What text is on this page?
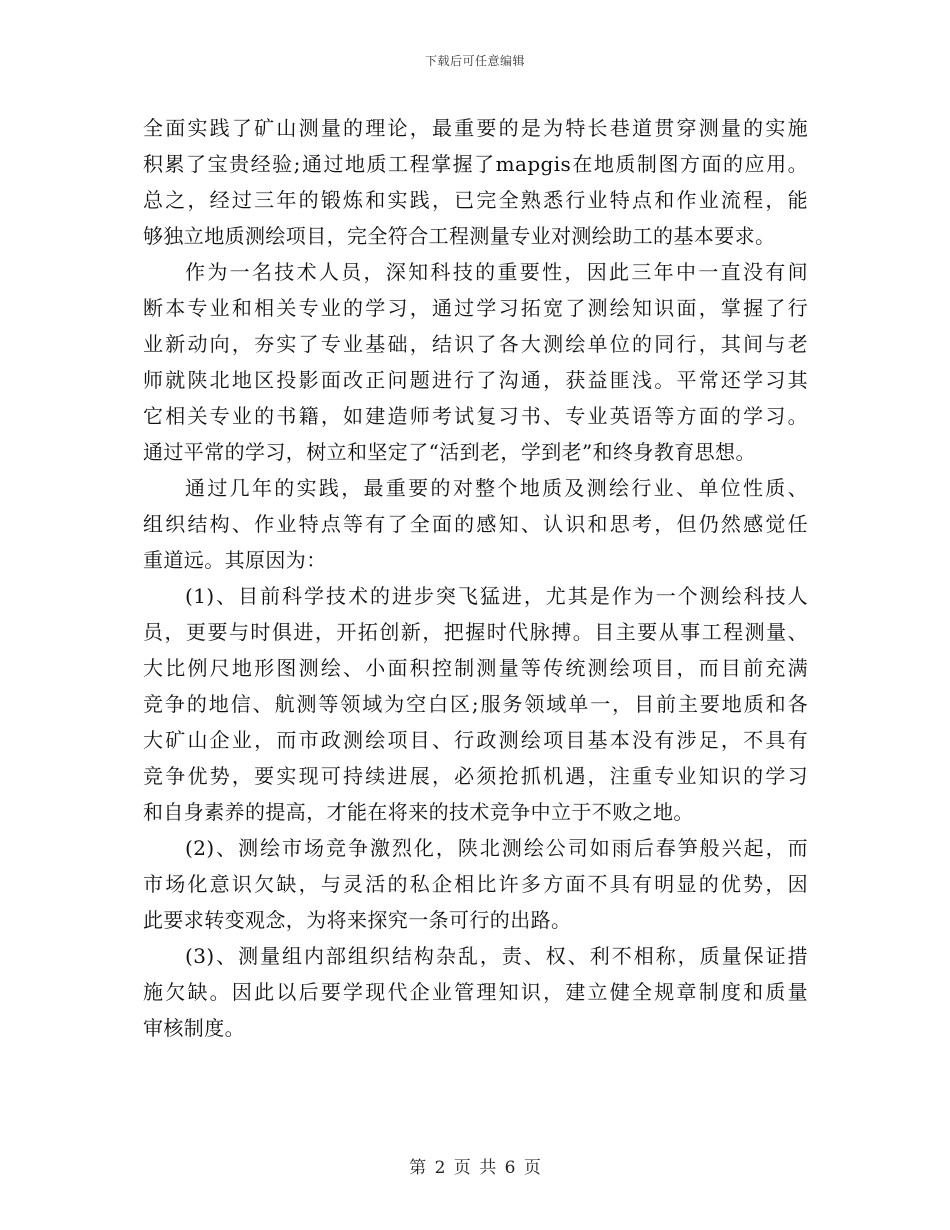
下载后可任意编辑
全面实践了矿山测量的理论，最重要的是为特长巷道贯穿测量的实施
积累了宝贵经验;通过地质工程掌握了mapgis在地质制图方面的应用。
总之，经过三年的锻炼和实践，已完全熟悉行业特点和作业流程，能
够独立地质测绘项目，完全符合工程测量专业对测绘助工的基本要求。
作为一名技术人员，深知科技的重要性，因此三年中一直没有间
断本专业和相关专业的学习，通过学习拓宽了测绘知识面，掌握了行
业新动向，夯实了专业基础，结识了各大测绘单位的同行，其间与老
师就陕北地区投影面改正问题进行了沟通，获益匪浅。平常还学习其
它相关专业的书籍，如建造师考试复习书、专业英语等方面的学习。
通过平常的学习，树立和坚定了“活到老，学到老”和终身教育思想。
通过几年的实践，最重要的对整个地质及测绘行业、单位性质、
组织结构、作业特点等有了全面的感知、认识和思考，但仍然感觉任
重道远。其原因为：
(1)、目前科学技术的进步突飞猛进，尤其是作为一个测绘科技人
员，更要与时俱进，开拓创新，把握时代脉搏。目主要从事工程测量、
大比例尺地形图测绘、小面积控制测量等传统测绘项目，而目前充满
竞争的地信、航测等领域为空白区;服务领域单一，目前主要地质和各
大矿山企业，而市政测绘项目、行政测绘项目基本没有涉足，不具有
竞争优势，要实现可持续进展，必须抢抓机遇，注重专业知识的学习
和自身素养的提高，才能在将来的技术竞争中立于不败之地。
(2)、测绘市场竞争激烈化，陕北测绘公司如雨后春笋般兴起，而
市场化意识欠缺，与灵活的私企相比许多方面不具有明显的优势，因
此要求转变观念，为将来探究一条可行的出路。
(3)、测量组内部组织结构杂乱，责、权、利不相称，质量保证措
施欠缺。因此以后要学现代企业管理知识，建立健全规章制度和质量
审核制度。
第 2 页 共 6 页
